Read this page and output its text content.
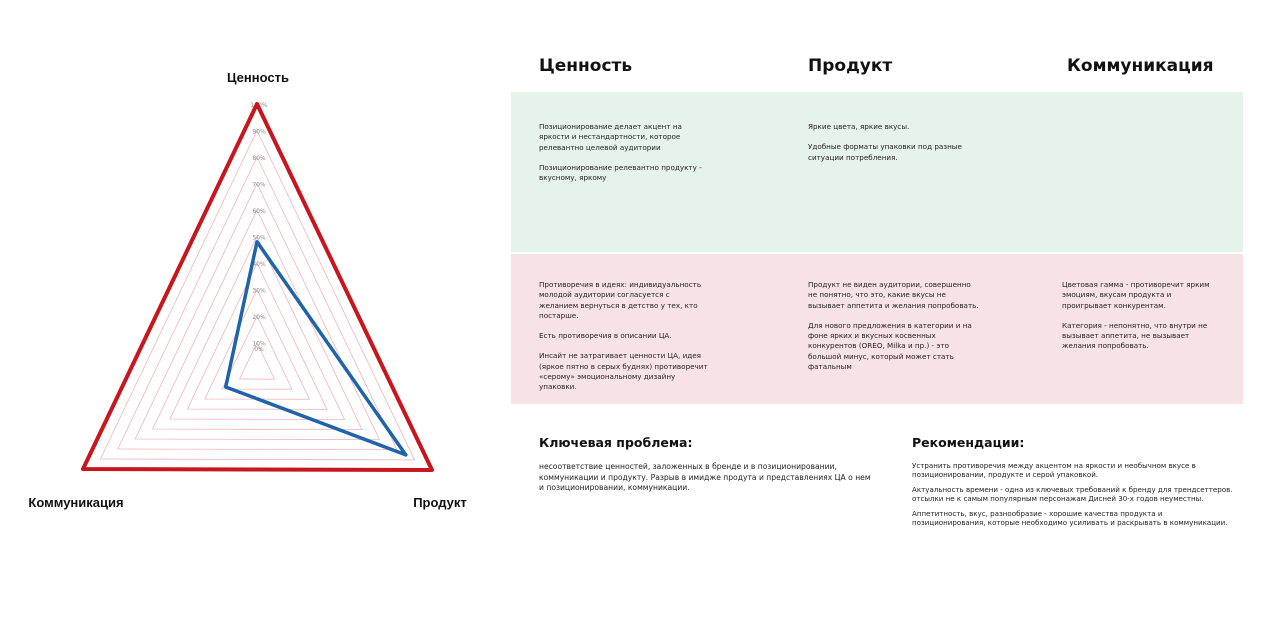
0%
10%
20%
30%
40%
50%
60%
70%
80%
90%
100%
Ценность
Продукт
Коммуникация
Ценность	Продукт	Коммуникация

Позиционирование делает акцент на яркости и нестандартности, которое релевантно целевой аудитории

Позиционирование релевантно продукту - вкусному, яркому

Яркие цвета, яркие вкусы.

Удобные форматы упаковки под разные ситуации потребления.

Противоречия в идеях: индивидуальность молодой аудитории согласуется с желанием вернуться в детство у тех, кто постарше.

Есть противоречия в описании ЦА.

Инсайт не затрагивает ценности ЦА, идея (яркое пятно в серых буднях) противоречит «серому» эмоциональному дизайну упаковки.

Продукт не виден аудитории, совершенно не понятно, что это, какие вкусы не вызывает аппетита и желания попробовать.

Для нового предложения в категории и на фоне ярких и вкусных косвенных конкурентов (OREO, Milka и пр.) - это большой минус, который может стать фатальным

Цветовая гамма - противоречит ярким эмоциям, вкусам продукта и проигрывает конкурентам.

Категория - непонятно, что внутри не вызывает аппетита, не вызывает желания попробовать.

Ключевая проблема:

несоответствие ценностей, заложенных в бренде и в позиционировании, коммуникации и продукту. Разрыв в имидже продута и представлениях ЦА о нем и позиционировании, коммуникации.

Рекомендации:

Устранить противоречия между акцентом на яркости и необычном вкусе в позиционировании, продукте и серой упаковкой.

Актуальность времени - одна из ключевых требований к бренду для трендсеттеров. отсылки не к самым популярным персонажам Дисней 30-х годов неуместны.

Аппетитность, вкус, разнообразие - хорошие качества продукта и позиционирования, которые необходимо усиливать и раскрывать в коммуникации.
